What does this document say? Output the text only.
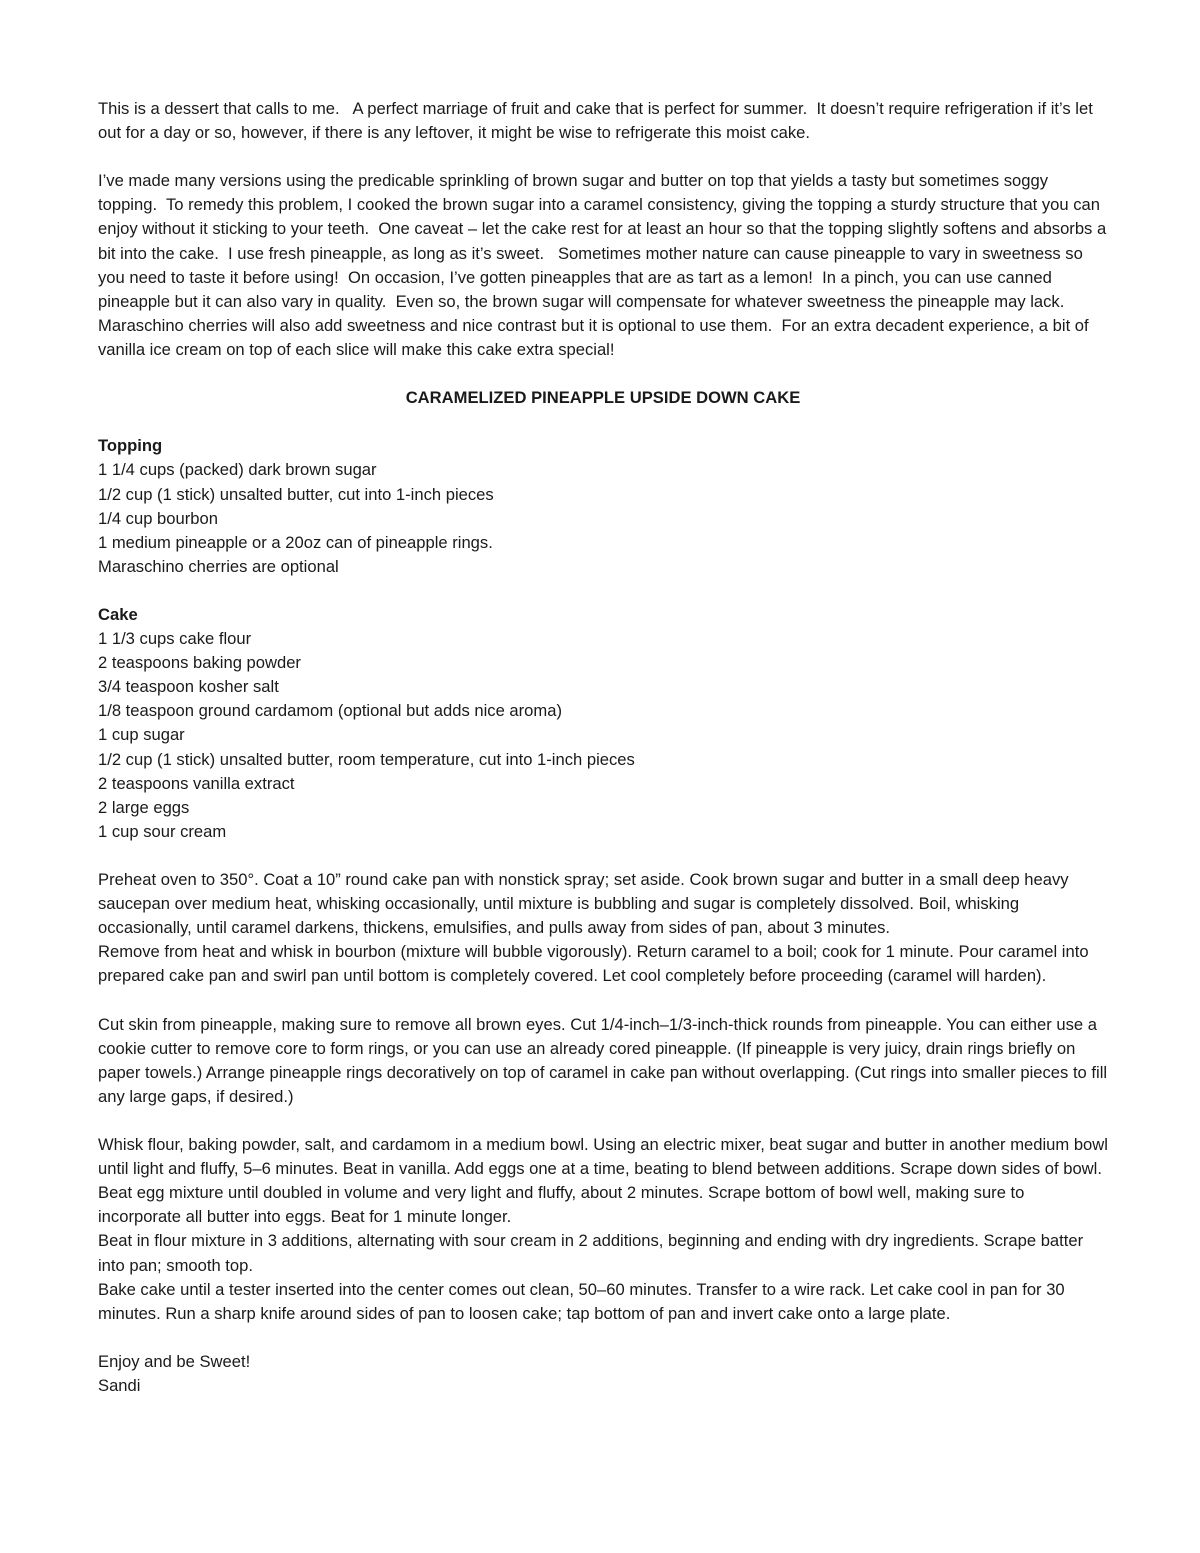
This is a dessert that calls to me.   A perfect marriage of fruit and cake that is perfect for summer.  It doesn’t require refrigeration if it’s let out for a day or so, however, if there is any leftover, it might be wise to refrigerate this moist cake.

I’ve made many versions using the predicable sprinkling of brown sugar and butter on top that yields a tasty but sometimes soggy topping.  To remedy this problem, I cooked the brown sugar into a caramel consistency, giving the topping a sturdy structure that you can enjoy without it sticking to your teeth.  One caveat – let the cake rest for at least an hour so that the topping slightly softens and absorbs a bit into the cake.  I use fresh pineapple, as long as it’s sweet.   Sometimes mother nature can cause pineapple to vary in sweetness so you need to taste it before using!  On occasion, I’ve gotten pineapples that are as tart as a lemon!  In a pinch, you can use canned pineapple but it can also vary in quality.  Even so, the brown sugar will compensate for whatever sweetness the pineapple may lack.  Maraschino cherries will also add sweetness and nice contrast but it is optional to use them.  For an extra decadent experience, a bit of vanilla ice cream on top of each slice will make this cake extra special!

CARAMELIZED PINEAPPLE UPSIDE DOWN CAKE
Topping
1 1/4 cups (packed) dark brown sugar
1/2 cup (1 stick) unsalted butter, cut into 1-inch pieces
1/4 cup bourbon
1 medium pineapple or a 20oz can of pineapple rings.
Maraschino cherries are optional
Cake
1 1/3 cups cake flour
2 teaspoons baking powder
3/4 teaspoon kosher salt
1/8 teaspoon ground cardamom (optional but adds nice aroma)
1 cup sugar
1/2 cup (1 stick) unsalted butter, room temperature, cut into 1-inch pieces
2 teaspoons vanilla extract
2 large eggs
1 cup sour cream

Preheat oven to 350°. Coat a 10” round cake pan with nonstick spray; set aside. Cook brown sugar and butter in a small deep heavy saucepan over medium heat, whisking occasionally, until mixture is bubbling and sugar is completely dissolved. Boil, whisking occasionally, until caramel darkens, thickens, emulsifies, and pulls away from sides of pan, about 3 minutes.

Remove from heat and whisk in bourbon (mixture will bubble vigorously). Return caramel to a boil; cook for 1 minute. Pour caramel into prepared cake pan and swirl pan until bottom is completely covered. Let cool completely before proceeding (caramel will harden).

Cut skin from pineapple, making sure to remove all brown eyes. Cut 1/4-inch–1/3-inch-thick rounds from pineapple. You can either use a cookie cutter to remove core to form rings, or you can use an already cored pineapple. (If pineapple is very juicy, drain rings briefly on paper towels.) Arrange pineapple rings decoratively on top of caramel in cake pan without overlapping. (Cut rings into smaller pieces to fill any large gaps, if desired.)

Whisk flour, baking powder, salt, and cardamom in a medium bowl. Using an electric mixer, beat sugar and butter in another medium bowl until light and fluffy, 5–6 minutes. Beat in vanilla. Add eggs one at a time, beating to blend between additions. Scrape down sides of bowl. Beat egg mixture until doubled in volume and very light and fluffy, about 2 minutes. Scrape bottom of bowl well, making sure to incorporate all butter into eggs. Beat for 1 minute longer.

Beat in flour mixture in 3 additions, alternating with sour cream in 2 additions, beginning and ending with dry ingredients. Scrape batter into pan; smooth top.

Bake cake until a tester inserted into the center comes out clean, 50–60 minutes. Transfer to a wire rack. Let cake cool in pan for 30 minutes. Run a sharp knife around sides of pan to loosen cake; tap bottom of pan and invert cake onto a large plate.

Enjoy and be Sweet!
Sandi
